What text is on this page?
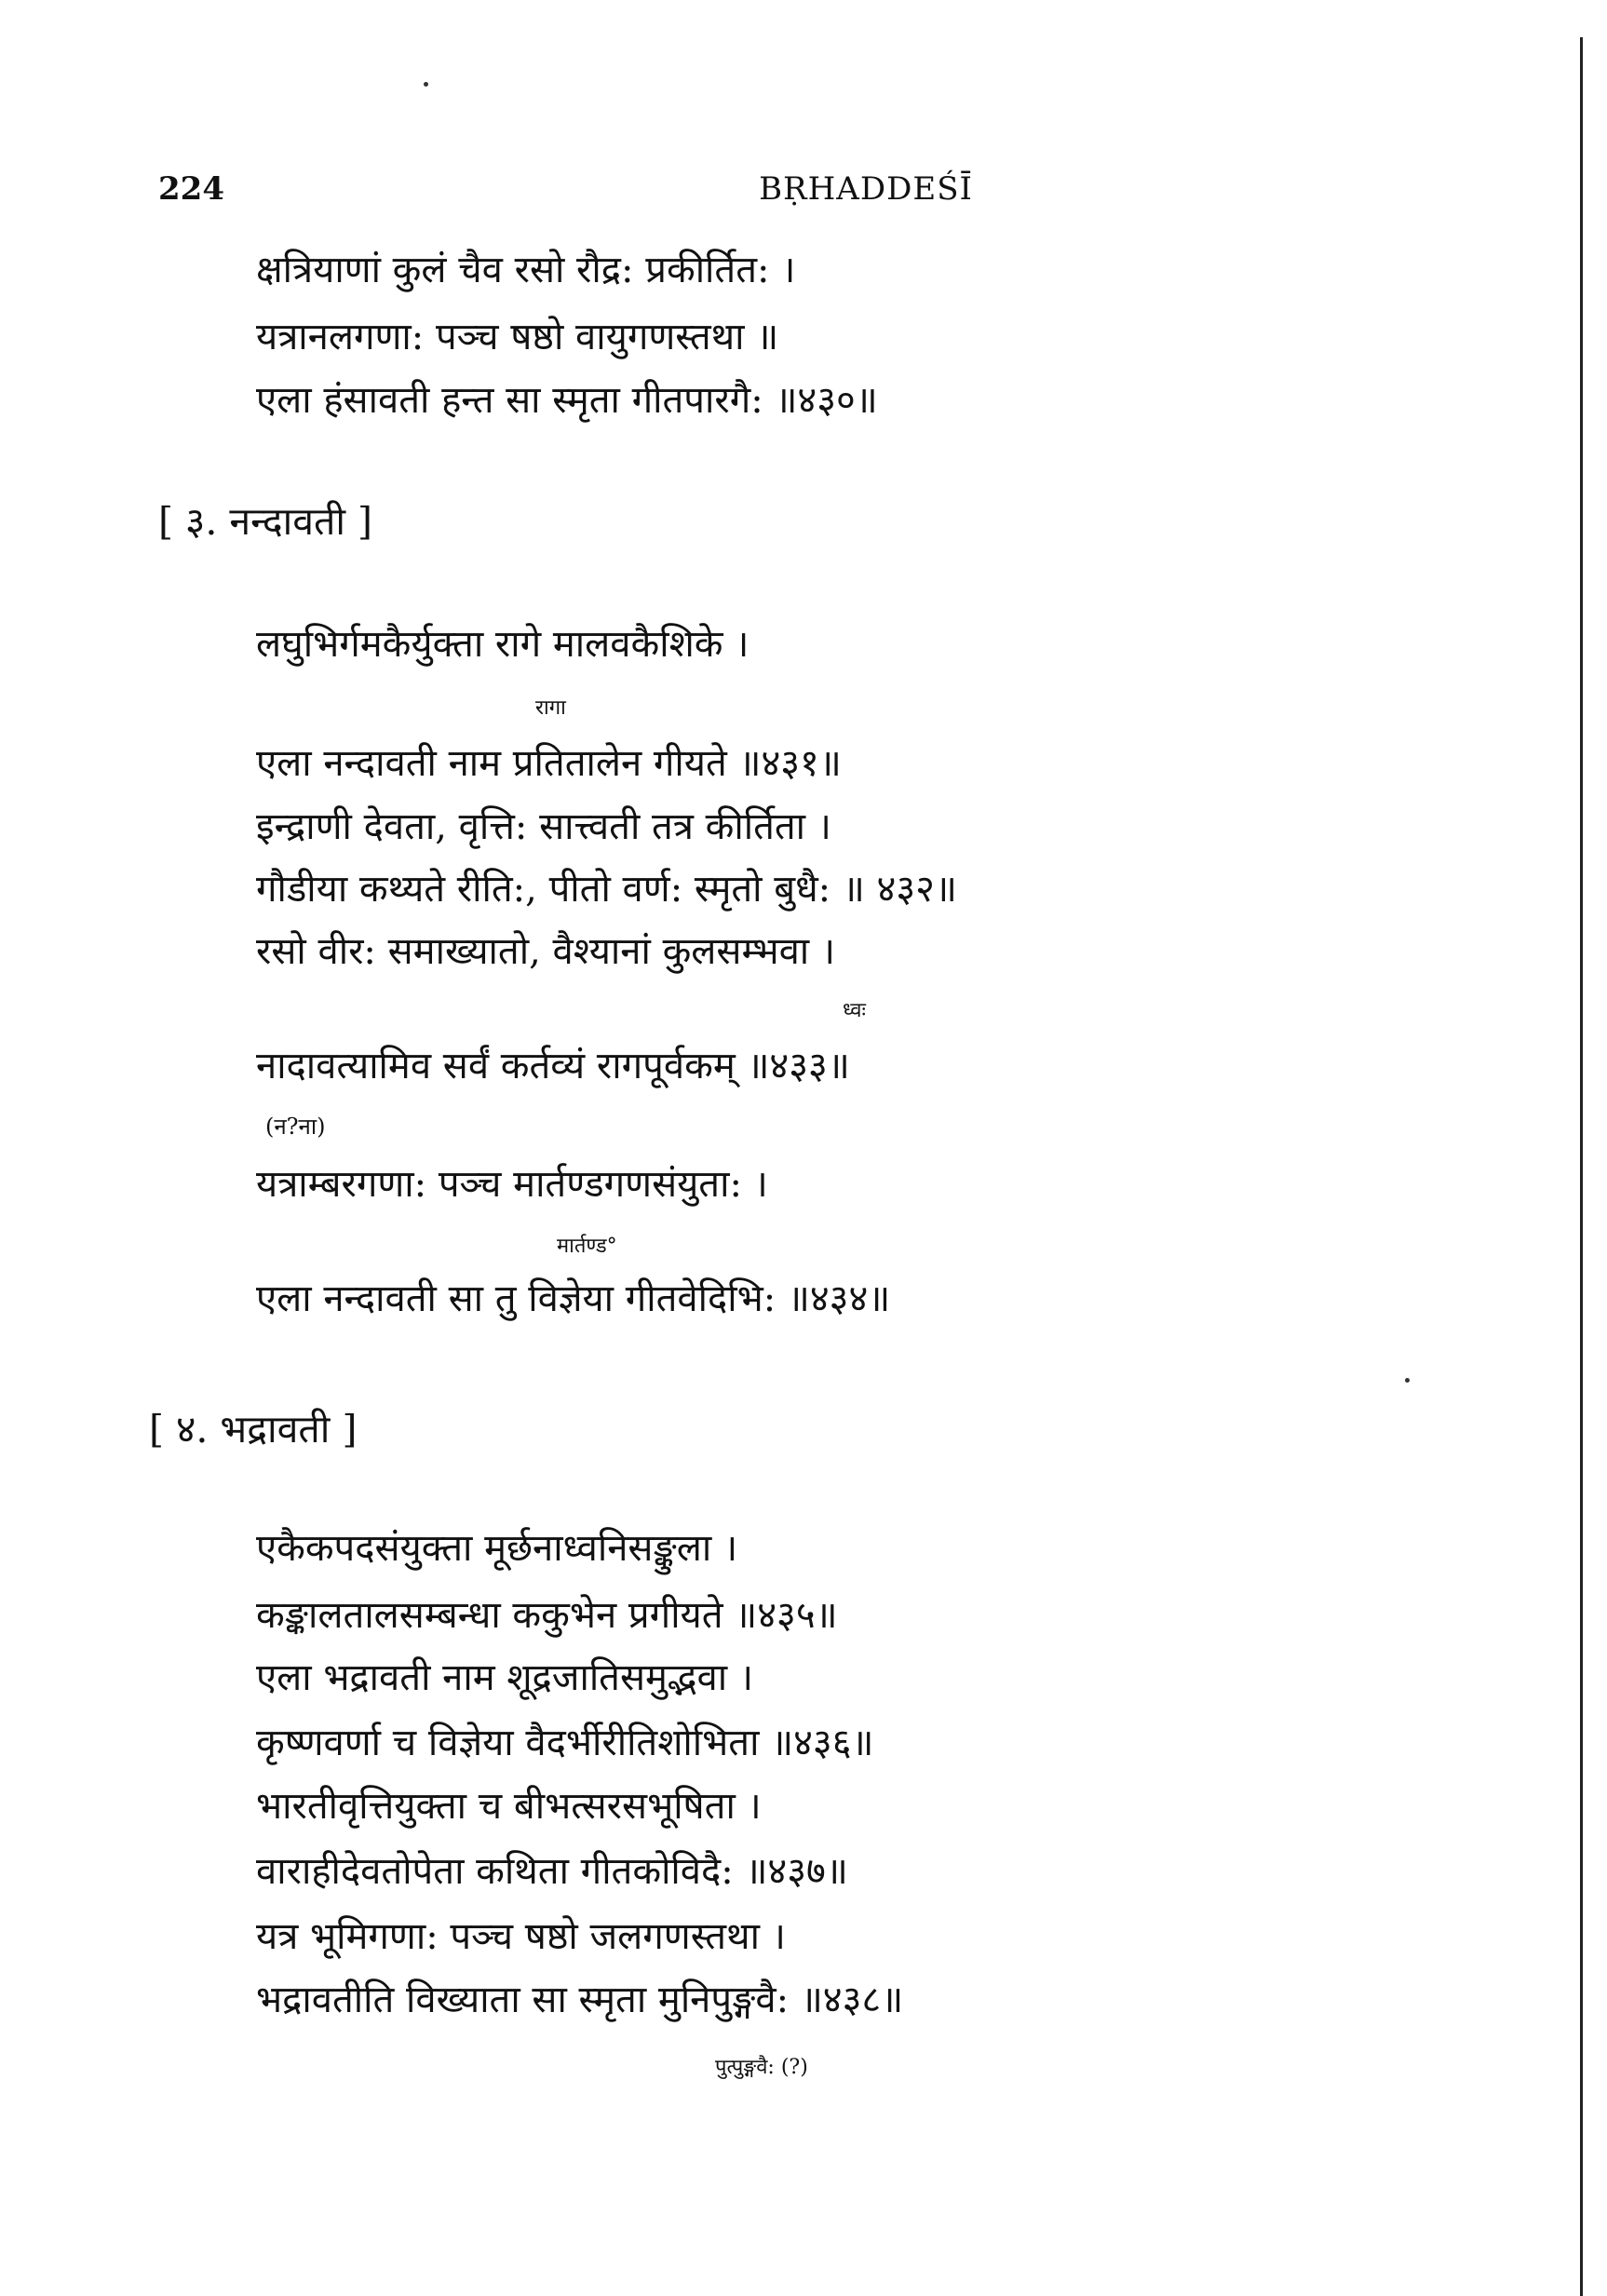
224	BṚHADDEŚĪ
क्षत्रियाणां कुलं चैव रसो रौद्र: प्रकीर्तित: ।
यत्रानलगणा: पञ्च षष्ठो वायुगणस्तथा ॥
एला हंसावती हन्त सा स्मृता गीतपारगै: ॥४३०॥
[ ३. नन्दावती ]
लघुभिर्गमकैर्युक्ता रागे मालवकैशिके ।
रागा
एला नन्दावती नाम प्रतितालेन गीयते ॥४३१॥
इन्द्राणी देवता, वृत्ति: सात्त्वती तत्र कीर्तिता ।
गौडीया कथ्यते रीति:, पीतो वर्ण: स्मृतो बुधै: ॥ ४३२॥
रसो वीर: समाख्यातो, वैश्यानां कुलसम्भवा ।
ध्वः
नादावत्यामिव सर्वं कर्तव्यं रागपूर्वकम् ॥४३३॥
(न?ना)
यत्राम्बरगणा: पञ्च मार्तण्डगणसंयुता: ।
मार्तण्ड°
एला नन्दावती सा तु विज्ञेया गीतवेदिभि: ॥४३४॥
[ ४. भद्रावती ]
एकैकपदसंयुक्ता मूर्छनाध्वनिसङ्कुला ।
कङ्कालतालसम्बन्धा ककुभेन प्रगीयते ॥४३५॥
एला भद्रावती नाम शूद्रजातिसमुद्भवा ।
कृष्णवर्णा च विज्ञेया वैदर्भीरीतिशोभिता ॥४३६॥
भारतीवृत्तियुक्ता च बीभत्सरसभूषिता ।
वाराहीदेवतोपेता कथिता गीतकोविदै: ॥४३७॥
यत्र भूमिगणा: पञ्च षष्ठो जलगणस्तथा ।
भद्रावतीति विख्याता सा स्मृता मुनिपुङ्गवै: ॥४३८॥
पुत्पुङ्गवै: (?)
